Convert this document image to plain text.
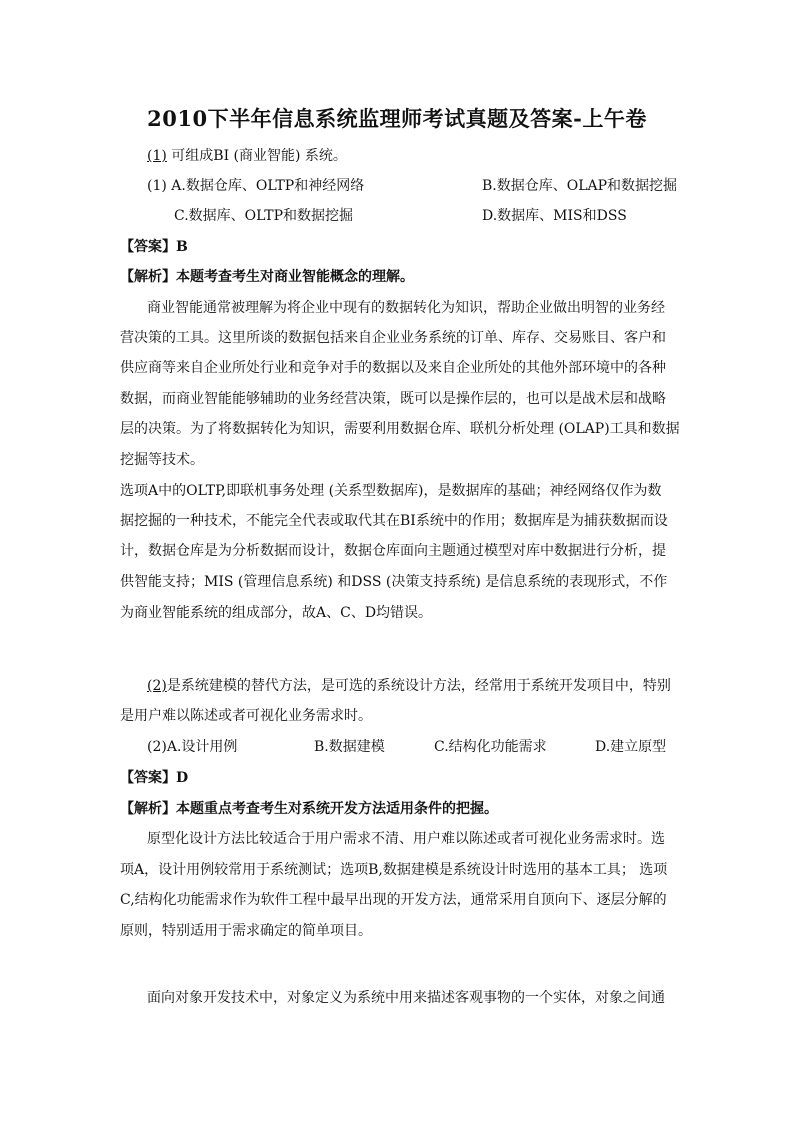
2010下半年信息系统监理师考试真题及答案-上午卷
(1) 可组成BI (商业智能) 系统。
(1) A.数据仓库、OLTP和神经网络	B.数据仓库、OLAP和数据挖掘
C.数据库、OLTP和数据挖掘	D.数据库、MIS和DSS
【答案】B
【解析】本题考查考生对商业智能概念的理解。
商业智能通常被理解为将企业中现有的数据转化为知识，帮助企业做出明智的业务经
营决策的工具。这里所谈的数据包括来自企业业务系统的订单、库存、交易账目、客户和
供应商等来自企业所处行业和竞争对手的数据以及来自企业所处的其他外部环境中的各种
数据，而商业智能能够辅助的业务经营决策，既可以是操作层的，也可以是战术层和战略
层的决策。为了将数据转化为知识，需要利用数据仓库、联机分析处理 (OLAP)工具和数据
挖掘等技术。
选项A中的OLTP,即联机事务处理 (关系型数据库)，是数据库的基础；神经网络仅作为数
据挖掘的一种技术，不能完全代表或取代其在BI系统中的作用；数据库是为捕获数据而设
计，数据仓库是为分析数据而设计，数据仓库面向主题通过模型对库中数据进行分析，提
供智能支持；MIS (管理信息系统) 和DSS (决策支持系统) 是信息系统的表现形式，不作
为商业智能系统的组成部分，故A、C、D均错误。
(2)是系统建模的替代方法，是可选的系统设计方法，经常用于系统开发项目中，特别
是用户难以陈述或者可视化业务需求时。
(2)A.设计用例	B.数据建模	C.结构化功能需求	D.建立原型
【答案】D
【解析】本题重点考查考生对系统开发方法适用条件的把握。
原型化设计方法比较适合于用户需求不清、用户难以陈述或者可视化业务需求时。选
项A，设计用例较常用于系统测试；选项B,数据建模是系统设计时选用的基本工具； 选项
C,结构化功能需求作为软件工程中最早出现的开发方法，通常采用自顶向下、逐层分解的
原则，特别适用于需求确定的简单项目。
面向对象开发技术中，对象定义为系统中用来描述客观事物的一个实体，对象之间通
